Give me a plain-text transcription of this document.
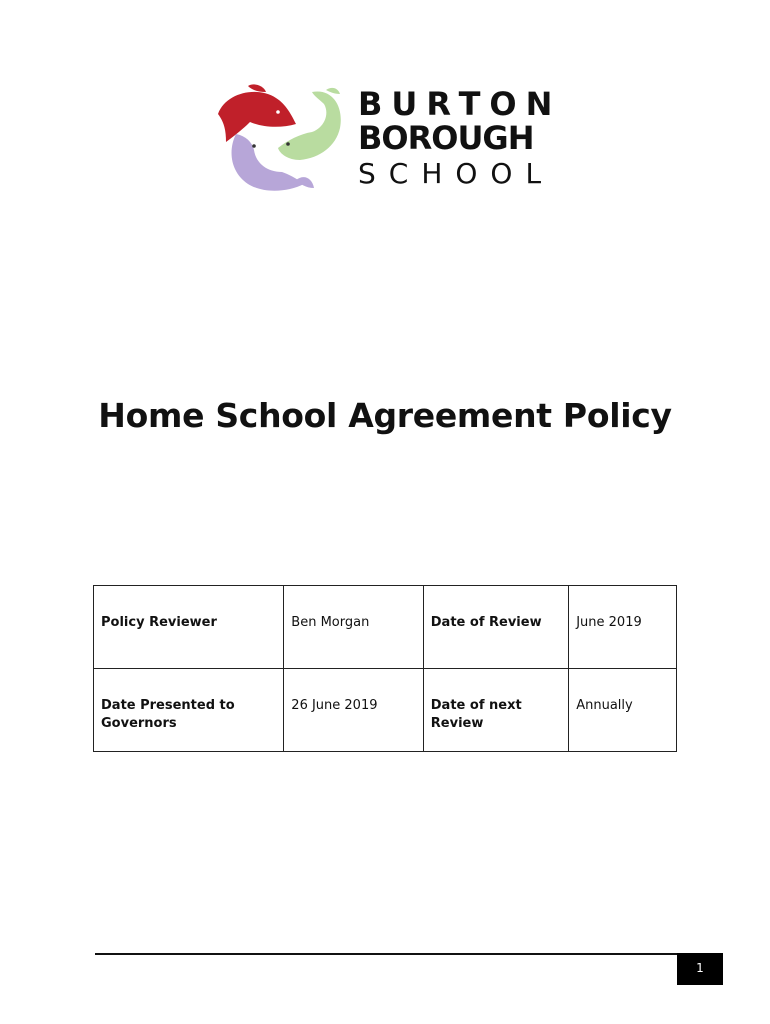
BURTON
BOROUGH
SCHOOL
Home School Agreement Policy
Policy Reviewer	Ben Morgan	Date of Review	June 2019
Date Presented to Governors	26 June 2019	Date of next Review	Annually
1
